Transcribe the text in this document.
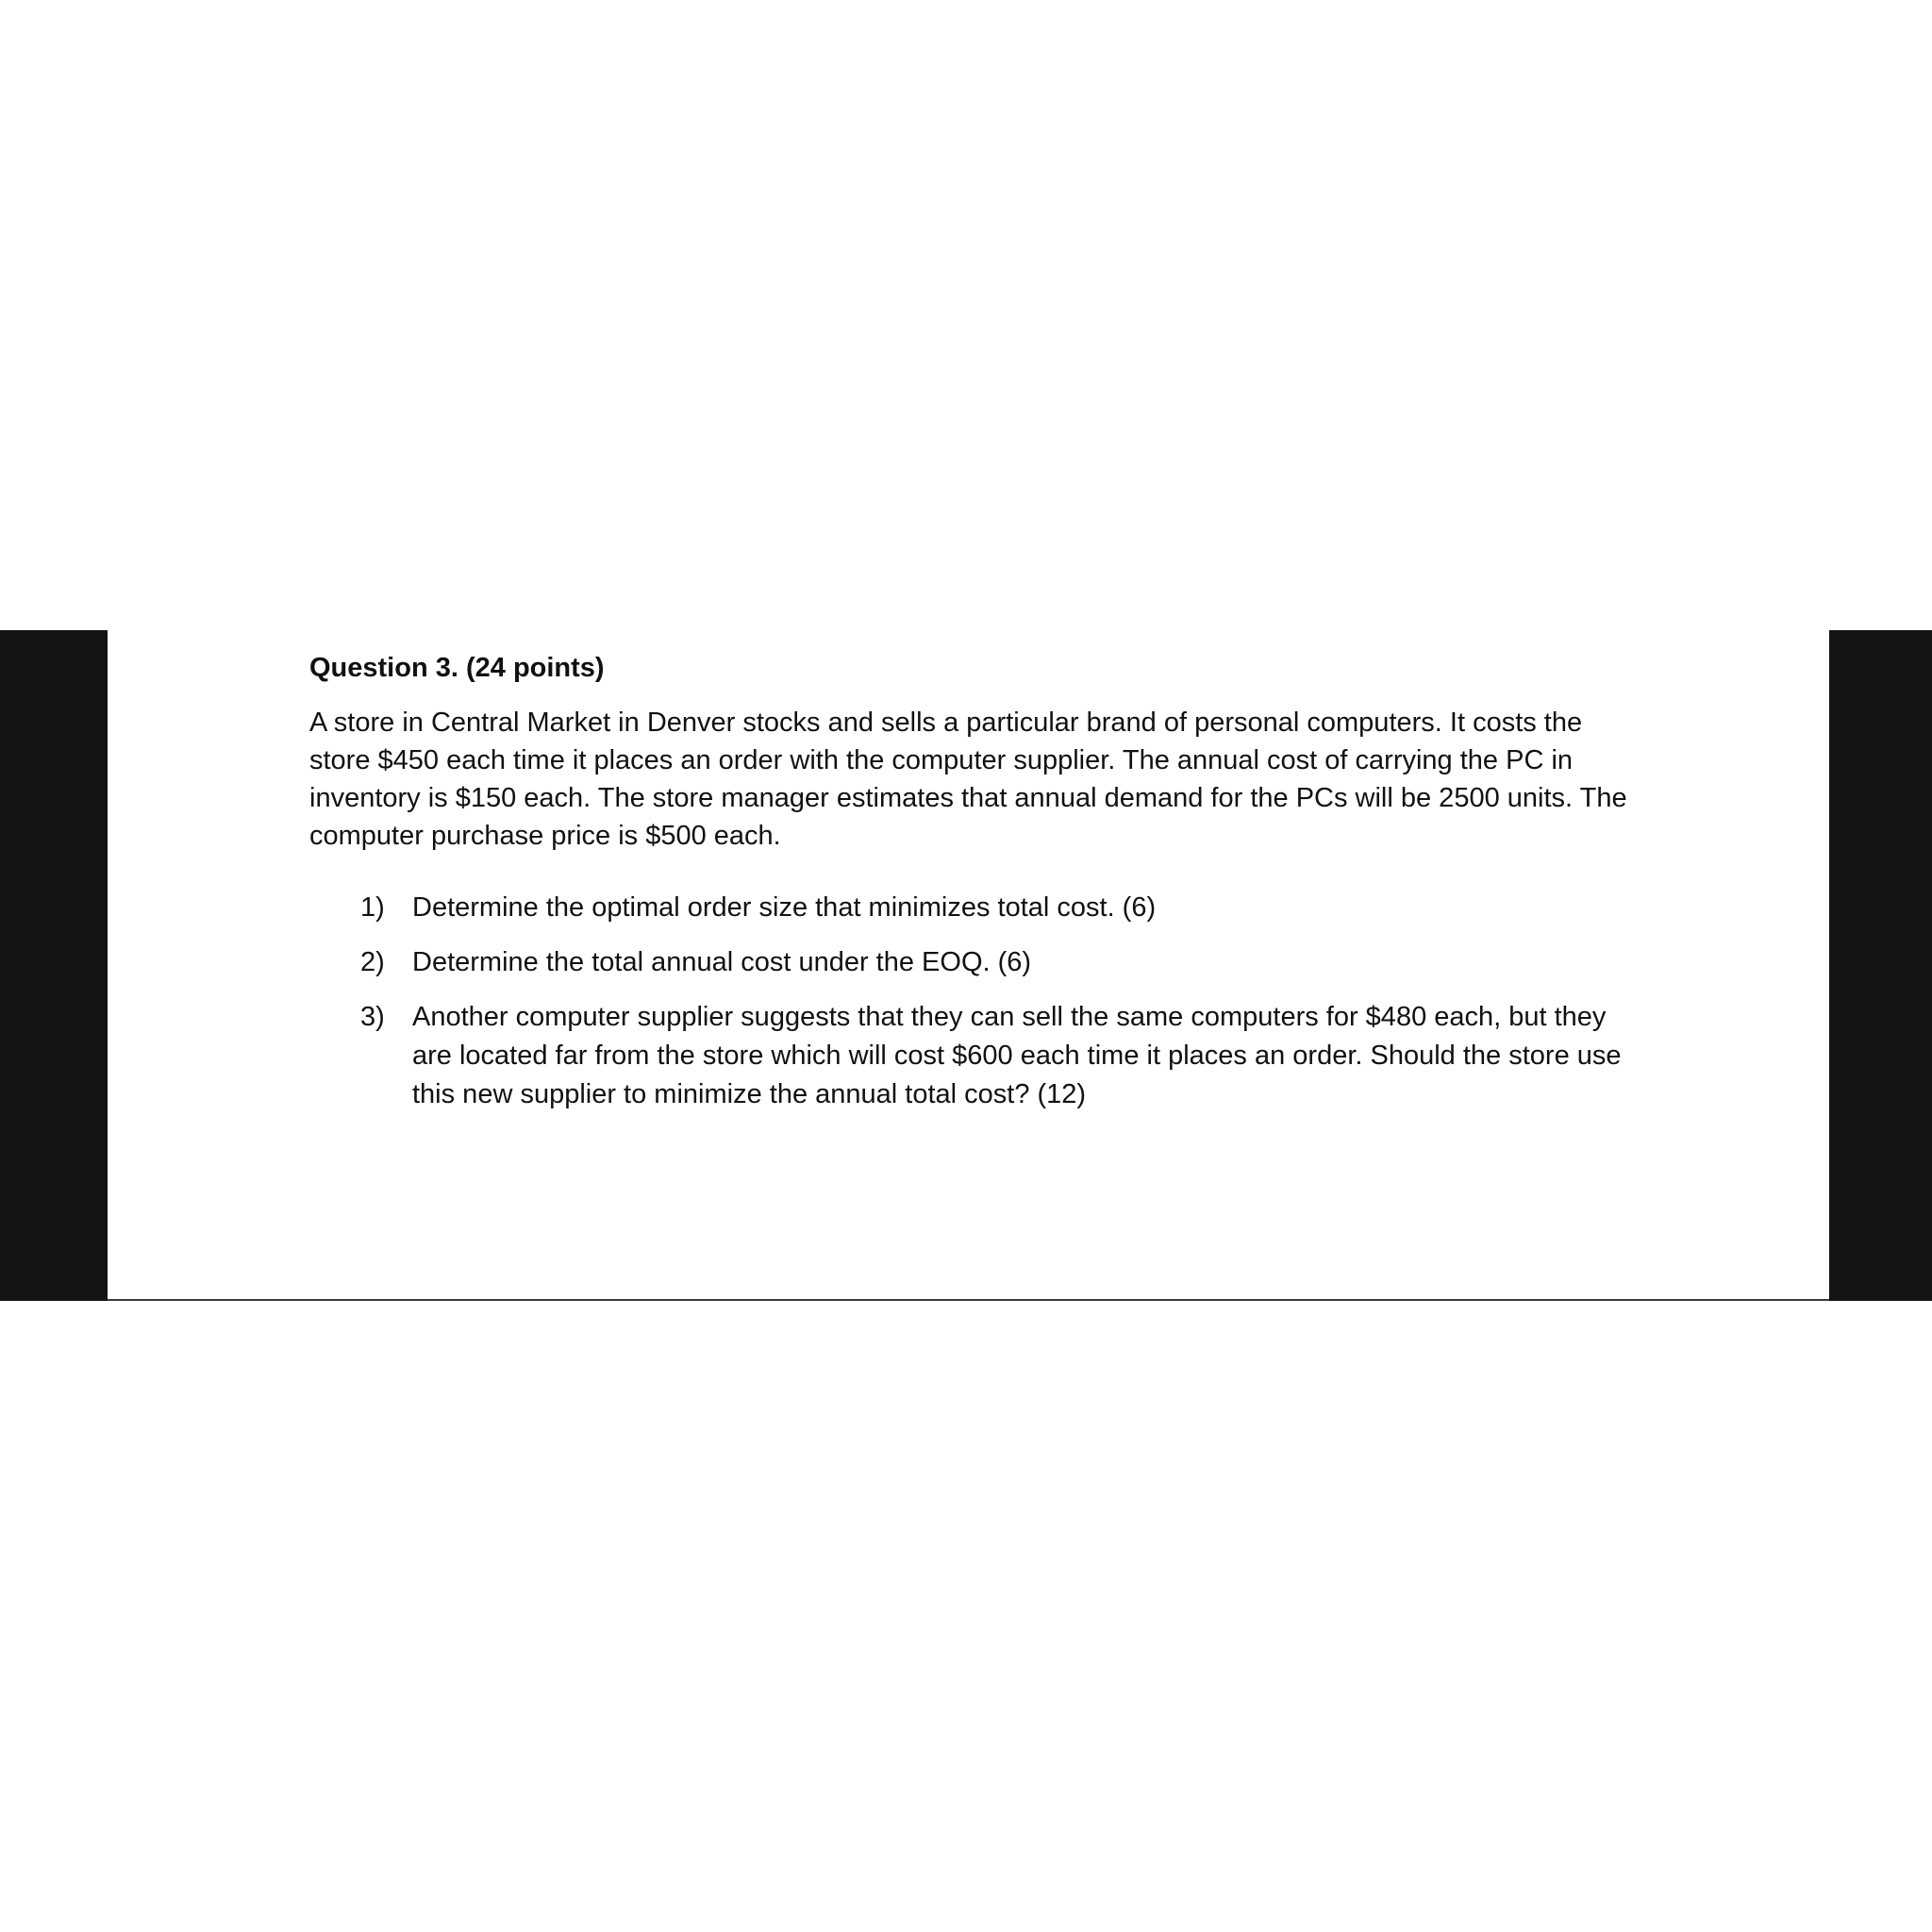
Question 3. (24 points)
A store in Central Market in Denver stocks and sells a particular brand of personal computers. It costs the store $450 each time it places an order with the computer supplier. The annual cost of carrying the PC in inventory is $150 each. The store manager estimates that annual demand for the PCs will be 2500 units. The computer purchase price is $500 each.
1) Determine the optimal order size that minimizes total cost. (6)
2) Determine the total annual cost under the EOQ. (6)
3) Another computer supplier suggests that they can sell the same computers for $480 each, but they are located far from the store which will cost $600 each time it places an order. Should the store use this new supplier to minimize the annual total cost? (12)
